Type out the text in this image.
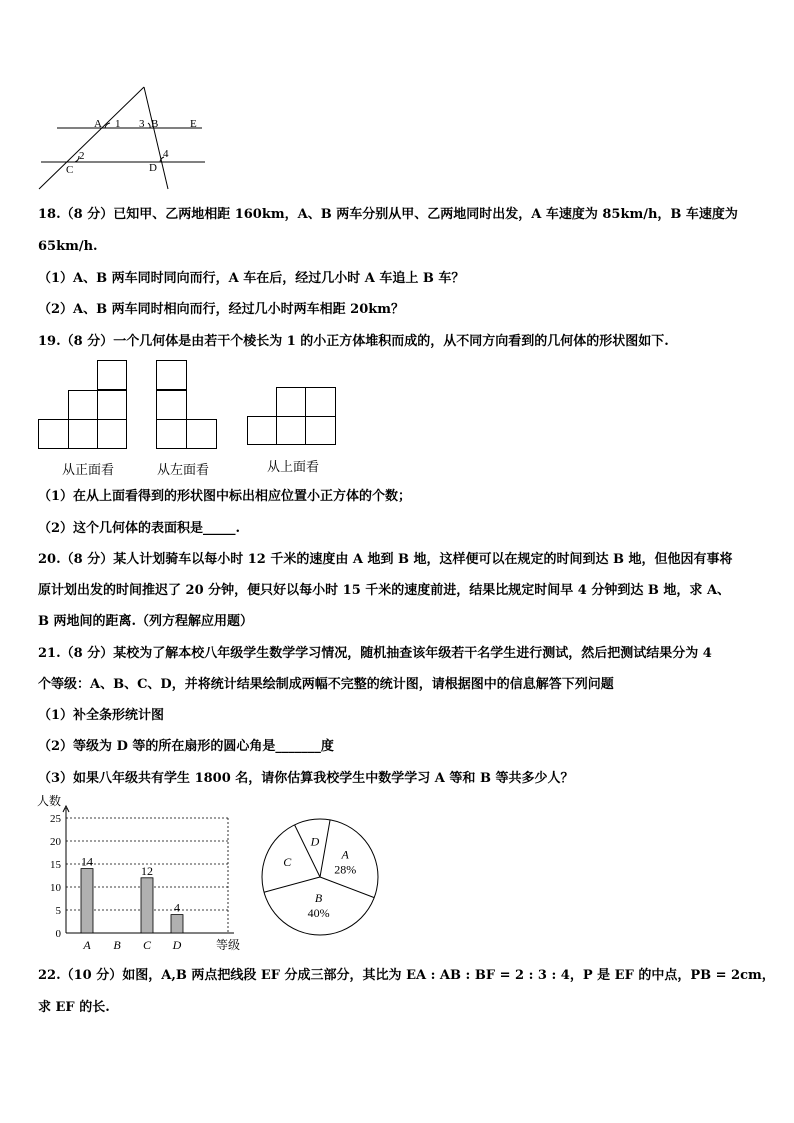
A 1 3 B	E
2	4
C	D
18.（8 分）已知甲、乙两地相距 160km，A、B 两车分别从甲、乙两地同时出发，A 车速度为 85km/h，B 车速度为
65km/h.
（1）A、B 两车同时同向而行，A 车在后，经过几小时 A 车追上 B 车？
（2）A、B 两车同时相向而行，经过几小时两车相距 20km？
19.（8 分）一个几何体是由若干个棱长为 1 的小正方体堆积而成的，从不同方向看到的几何体的形状图如下.
从正面看	从左面看	从上面看
（1）在从上面看得到的形状图中标出相应位置小正方体的个数；
（2）这个几何体的表面积是_____.
20.（8 分）某人计划骑车以每小时 12 千米的速度由 A 地到 B 地，这样便可以在规定的时间到达 B 地，但他因有事将
原计划出发的时间推迟了 20 分钟，便只好以每小时 15 千米的速度前进，结果比规定时间早 4 分钟到达 B 地，求 A、
B 两地间的距离.（列方程解应用题）
21.（8 分）某校为了解本校八年级学生数学学习情况，随机抽查该年级若干名学生进行测试，然后把测试结果分为 4
个等级：A、B、C、D，并将统计结果绘制成两幅不完整的统计图，请根据图中的信息解答下列问题
（1）补全条形统计图
（2）等级为 D 等的所在扇形的圆心角是_______度
（3）如果八年级共有学生 1800 名，请你估算我校学生中数学学习 A 等和 B 等共多少人？
0
5
10
15
20
25
人数
等级
14
A B
12
C
4
D
A
28%
B
40%
C
D
22.（10 分）如图，A,B 两点把线段 EF 分成三部分，其比为 EA : AB : BF = 2 : 3 : 4，P 是 EF 的中点，PB = 2cm，
求 EF 的长.
